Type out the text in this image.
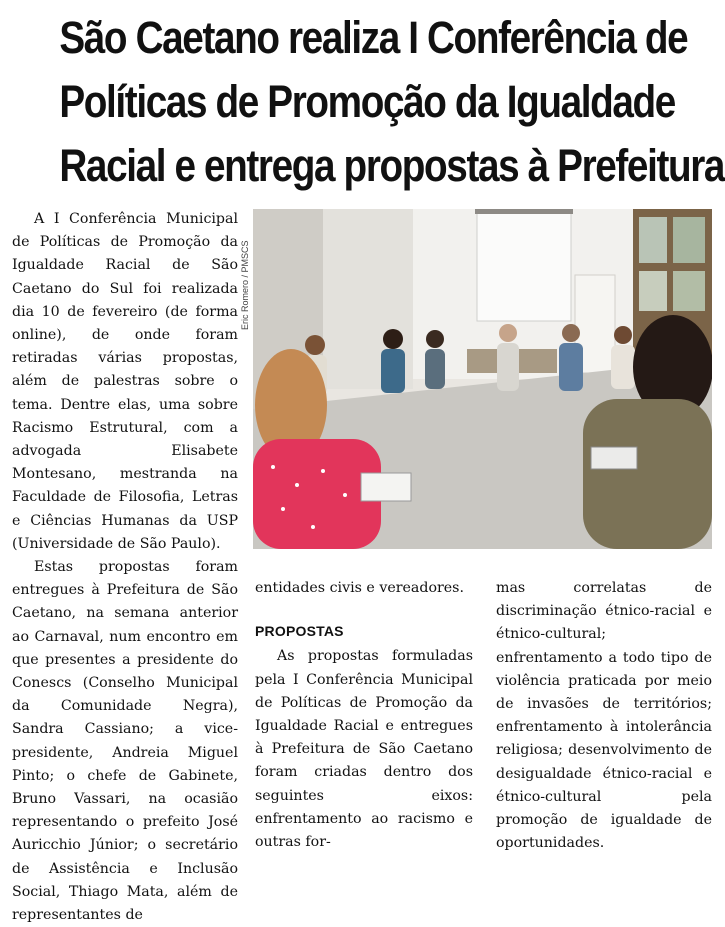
São Caetano realiza I Conferência de
Políticas de Promoção da Igualdade
Racial e entrega propostas à Prefeitura

A I Conferência Municipal de Políticas de Promoção da Igualdade Racial de São Caetano do Sul foi realizada dia 10 de fevereiro (de forma online), de onde foram retiradas várias propostas, além de palestras sobre o tema. Dentre elas, uma sobre Racismo Estrutural, com a advogada Elisabete Montesano, mestranda na Faculdade de Filosofia, Letras e Ciências Humanas da USP (Universidade de São Paulo).

Estas propostas foram entregues à Prefeitura de São Caetano, na semana anterior ao Carnaval, num encontro em que presentes a presidente do Conescs (Conselho Municipal da Comunidade Negra), Sandra Cassiano; a vice-presidente, Andreia Miguel Pinto; o chefe de Gabinete, Bruno Vassari, na ocasião representando o prefeito José Auricchio Júnior; o secretário de Assistência e Inclusão Social, Thiago Mata, além de representantes de

Eric Romero / PMSCS

entidades civis e vereadores.

PROPOSTAS

As propostas formuladas pela I Conferência Municipal de Políticas de Promoção da Igualdade Racial e entregues à Prefeitura de São Caetano foram criadas dentro dos seguintes eixos: enfrentamento ao racismo e outras for-

mas correlatas de discriminação étnico-racial e étnico-cultural; enfrentamento a todo tipo de violência praticada por meio de invasões de territórios; enfrentamento à intolerância religiosa; desenvolvimento de desigualdade étnico-racial e étnico-cultural pela promoção de igualdade de oportunidades.
